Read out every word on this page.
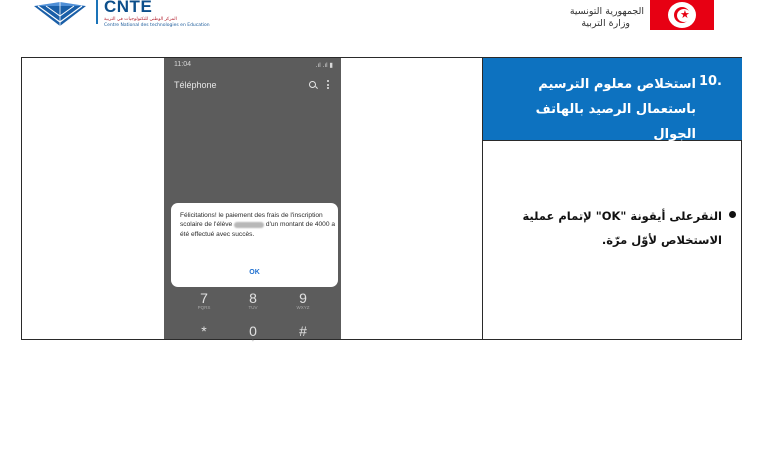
CNTE
المركز الوطني للتكنولوجيات في التربية
Centre National des technologies en Education
الجمهورية التونسية
وزارة التربية
★
10.
استخلاص معلوم الترسيم باستعمال الرصيد بالهاتف الجوال
النقرعلى أيقونة "OK" لإتمام عملية الاستخلاص لأوّل مرّة.
11:04	.ıl .ıl ▮
Téléphone
Félicitations! le paiement des frais de l'inscription scolaire de l'élève	d'un montant de 4000 a été effectué avec succès.
OK
7
PQRS
8
TUV
9
WXYZ
*	0
+
#
